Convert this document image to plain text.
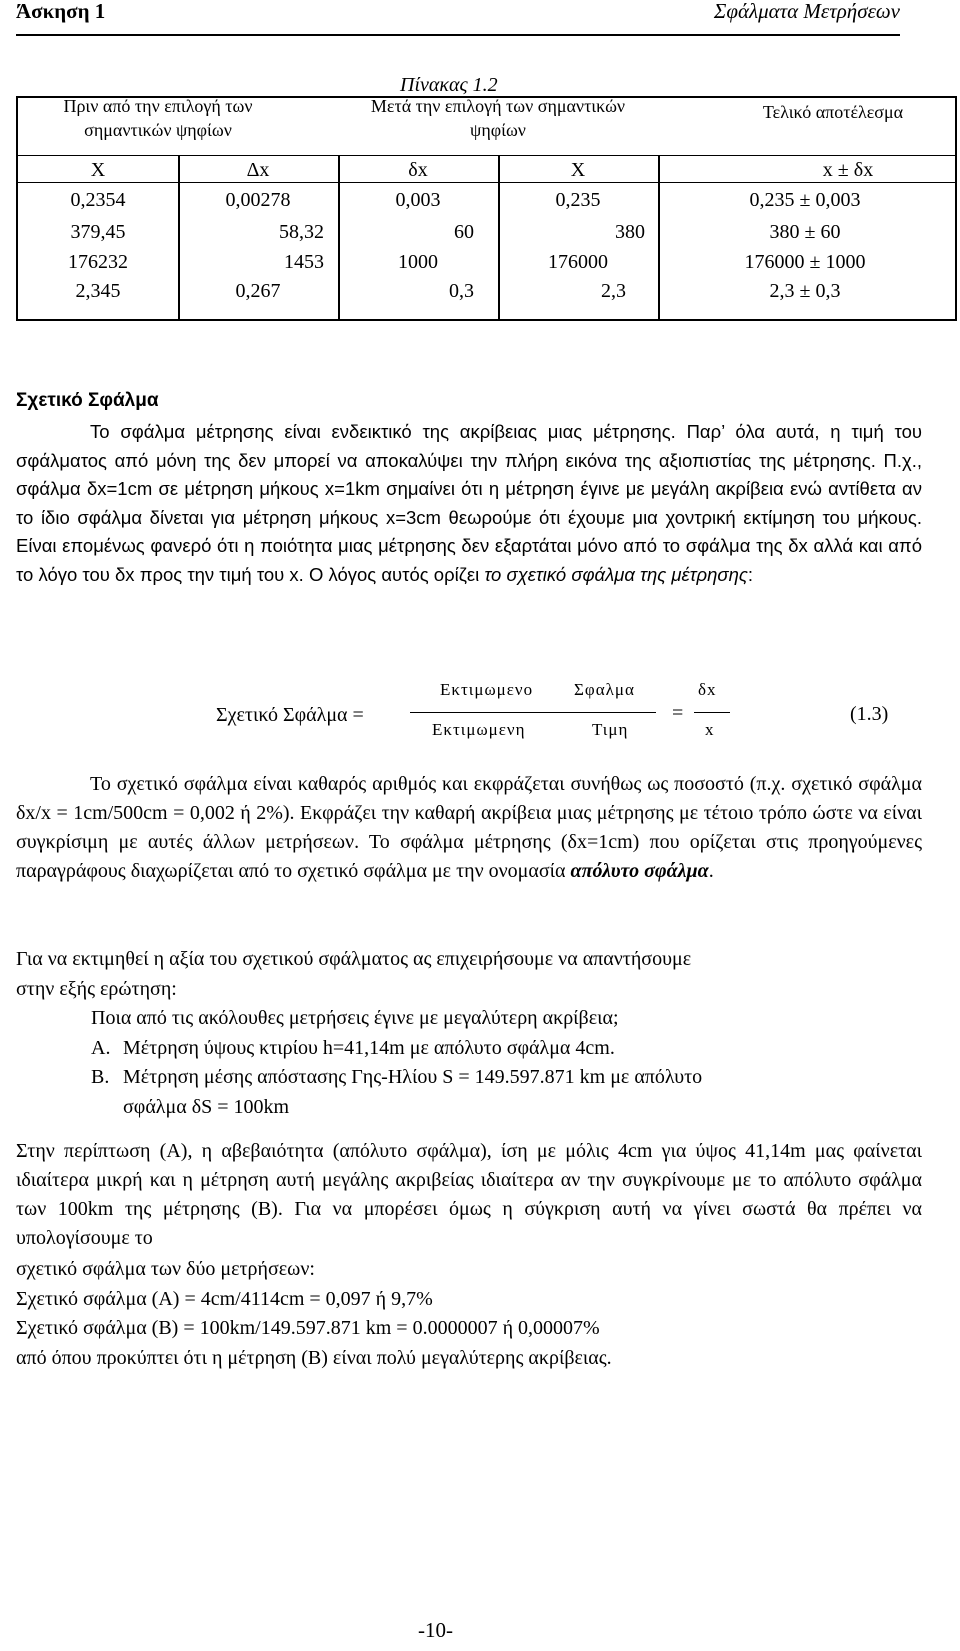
Άσκηση 1	Σφάλματα Μετρήσεων
Πίνακας 1.2
Πριν από την επιλογή των σημαντικών ψηφίων
Μετά την επιλογή των σημαντικών ψηφίων
Τελικό αποτέλεσμα
X	Δx	δx	X	x ± δx
0,2354	0,00278	0,003	0,235	0,235 ± 0,003
379,45	58,32	60	380	380 ± 60
176232	1453	1000	176000	176000 ± 1000
2,345	0,267	0,3	2,3	2,3 ± 0,3
Σχετικό Σφάλμα
Το σφάλμα μέτρησης είναι ενδεικτικό της ακρίβειας μιας μέτρησης. Παρ’ όλα αυτά, η τιμή του σφάλματος από μόνη της δεν μπορεί να αποκαλύψει την πλήρη εικόνα της αξιοπιστίας της μέτρησης. Π.χ., σφάλμα δx=1cm σε μέτρηση μήκους x=1km σημαίνει ότι η μέτρηση έγινε με μεγάλη ακρίβεια ενώ αντίθετα αν το ίδιο σφάλμα δίνεται για μέτρηση μήκους x=3cm θεωρούμε ότι έχουμε μια χοντρική εκτίμηση του μήκους. Είναι επομένως φανερό ότι η ποιότητα μιας μέτρησης δεν εξαρτάται μόνο από το σφάλμα της δx αλλά και από το λόγο του δx προς την τιμή του x. Ο λόγος αυτός ορίζει το σχετικό σφάλμα της μέτρησης:
Σχετικό Σφάλμα =
Εκτιμωμενο Σφαλμα
Εκτιμωμενη	Τιμη
=
δx
x
(1.3)
Το σχετικό σφάλμα είναι καθαρός αριθμός και εκφράζεται συνήθως ως ποσοστό (π.χ. σχετικό σφάλμα δx/x = 1cm/500cm = 0,002 ή 2%). Εκφράζει την καθαρή ακρίβεια μιας μέτρησης με τέτοιο τρόπο ώστε να είναι συγκρίσιμη με αυτές άλλων μετρήσεων. Το σφάλμα μέτρησης (δx=1cm) που ορίζεται στις προηγούμενες παραγράφους διαχωρίζεται από το σχετικό σφάλμα με την ονομασία απόλυτο σφάλμα.
Για να εκτιμηθεί η αξία του σχετικού σφάλματος ας επιχειρήσουμε να απαντήσουμε
στην εξής ερώτηση:
Ποια από τις ακόλουθες μετρήσεις έγινε με μεγαλύτερη ακρίβεια;
Α. Μέτρηση ύψους κτιρίου h=41,14m με απόλυτο σφάλμα 4cm.
Β. Μέτρηση μέσης απόστασης Γης-Ηλίου S = 149.597.871 km με απόλυτο
σφάλμα δS = 100km
Στην περίπτωση (Α), η αβεβαιότητα (απόλυτο σφάλμα), ίση με μόλις 4cm για ύψος 41,14m μας φαίνεται ιδιαίτερα μικρή και η μέτρηση αυτή μεγάλης ακριβείας ιδιαίτερα αν την συγκρίνουμε με το απόλυτο σφάλμα των 100km της μέτρησης (Β). Για να μπορέσει όμως η σύγκριση αυτή να γίνει σωστά θα πρέπει να υπολογίσουμε το
σχετικό σφάλμα των δύο μετρήσεων:
Σχετικό σφάλμα (Α) = 4cm/4114cm = 0,097 ή 9,7%
Σχετικό σφάλμα (Β) = 100km/149.597.871 km = 0.0000007 ή 0,00007%
από όπου προκύπτει ότι η μέτρηση (Β) είναι πολύ μεγαλύτερης ακρίβειας.
-10-
